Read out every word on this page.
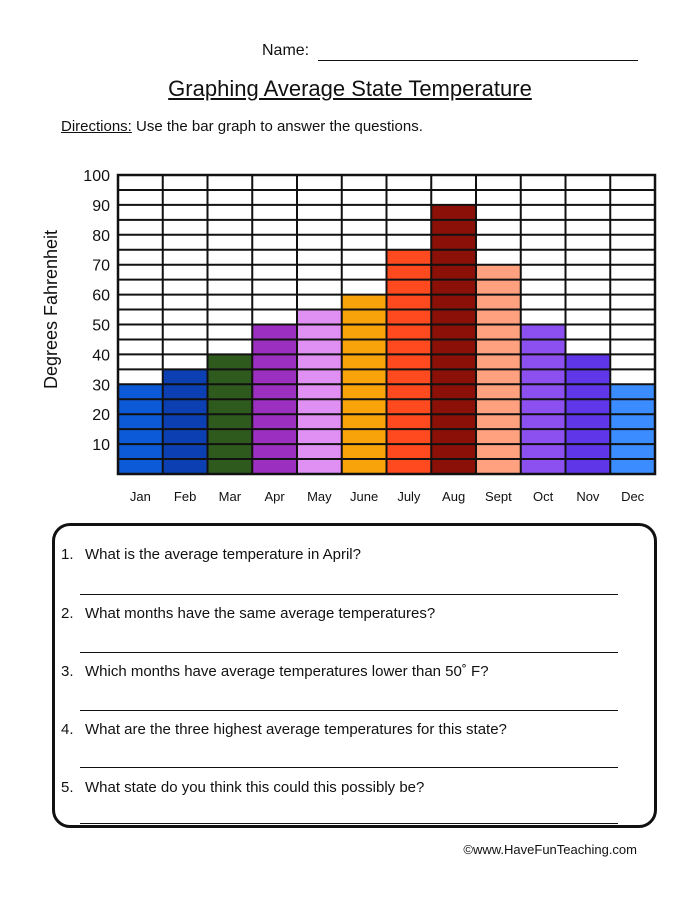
Name:
Graphing Average State Temperature
Directions: Use the bar graph to answer the questions.
10
20
30
40
50
60
70
80
90
100
Jan Feb Mar Apr May June July Aug Sept Oct Nov Dec
Degrees Fahrenheit
1. What is the average temperature in April?
2. What months have the same average temperatures?
3. Which months have average temperatures lower than 50˚ F?
4. What are the three highest average temperatures for this state?
5. What state do you think this could this possibly be?
©www.HaveFunTeaching.com
